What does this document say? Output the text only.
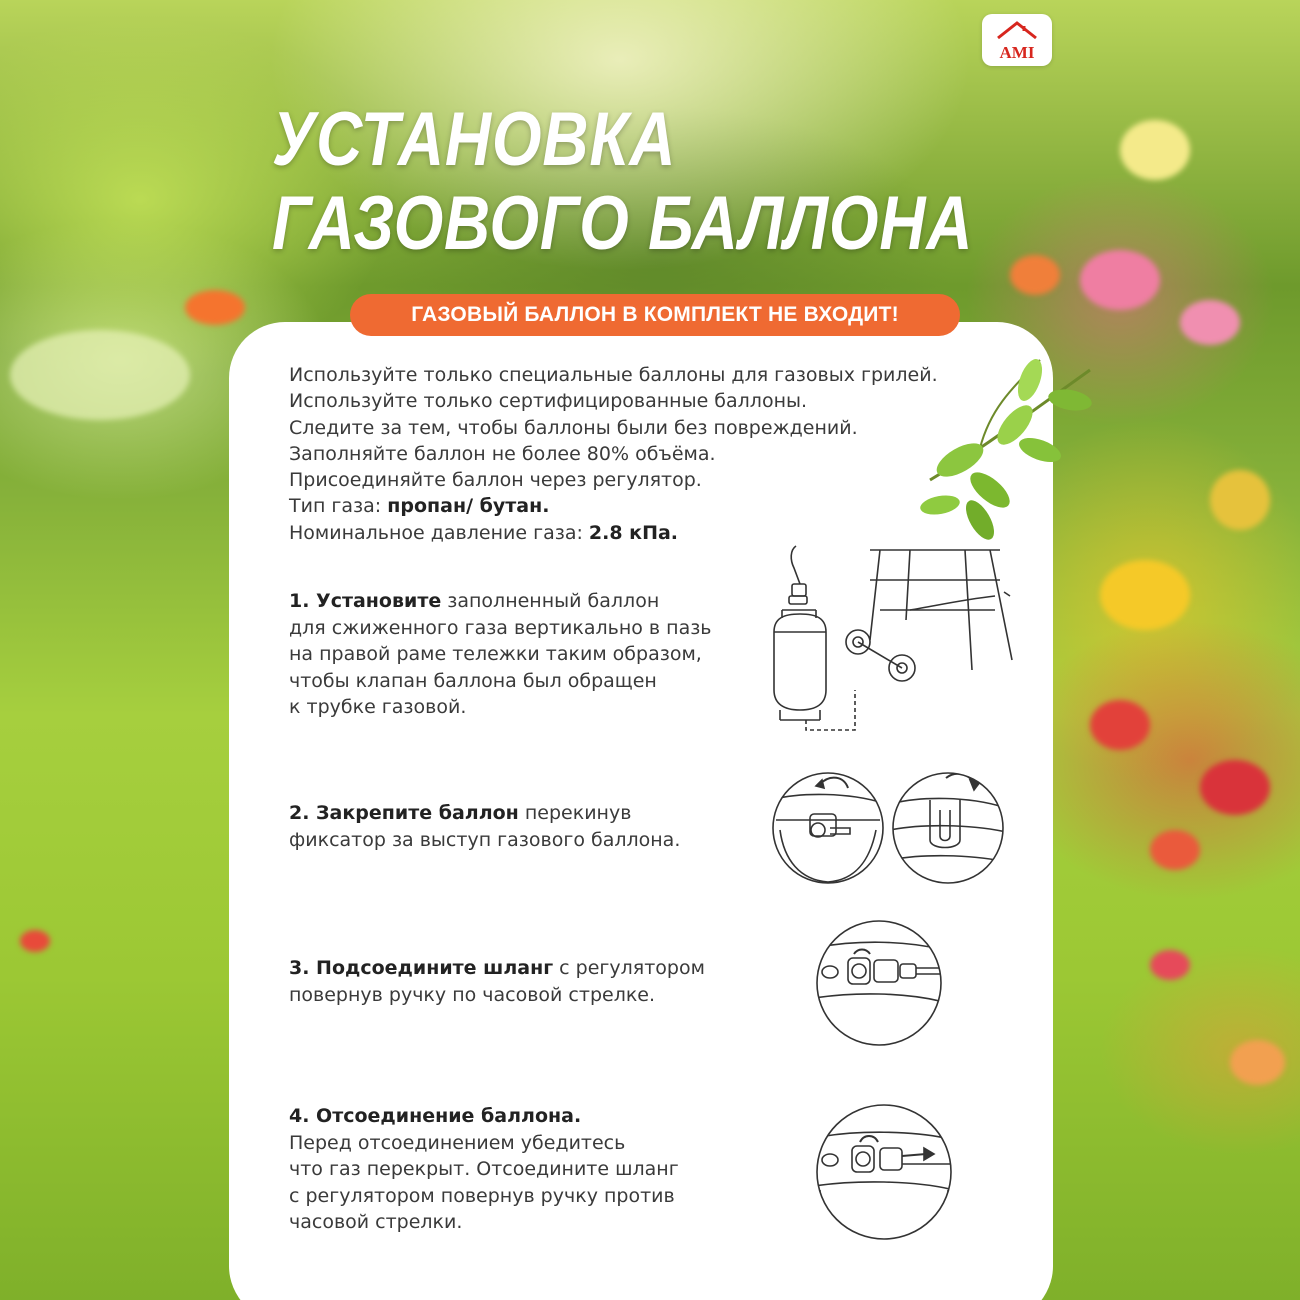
AMI
УСТАНОВКА
ГАЗОВОГО БАЛЛОНА
ГАЗОВЫЙ БАЛЛОН В КОМПЛЕКТ НЕ ВХОДИТ!
Используйте только специальные баллоны для газовых грилей.
Используйте только сертифицированные баллоны.
Следите за тем, чтобы баллоны были без повреждений.
Заполняйте баллон не более 80% объёма.
Присоединяйте баллон через регулятор.
Тип газа: пропан/ бутан.
Номинальное давление газа: 2.8 кПа.
1. Установите заполненный баллон
для сжиженного газа вертикально в пазь
на правой раме тележки таким образом,
чтобы клапан баллона был обращен
к трубке газовой.
2. Закрепите баллон перекинув
фиксатор за выступ газового баллона.
3. Подсоедините шланг с регулятором
повернув ручку по часовой стрелке.
4. Отсоединение баллона.
Перед отсоединением убедитесь
что газ перекрыт. Отсоедините шланг
с регулятором повернув ручку против
часовой стрелки.
